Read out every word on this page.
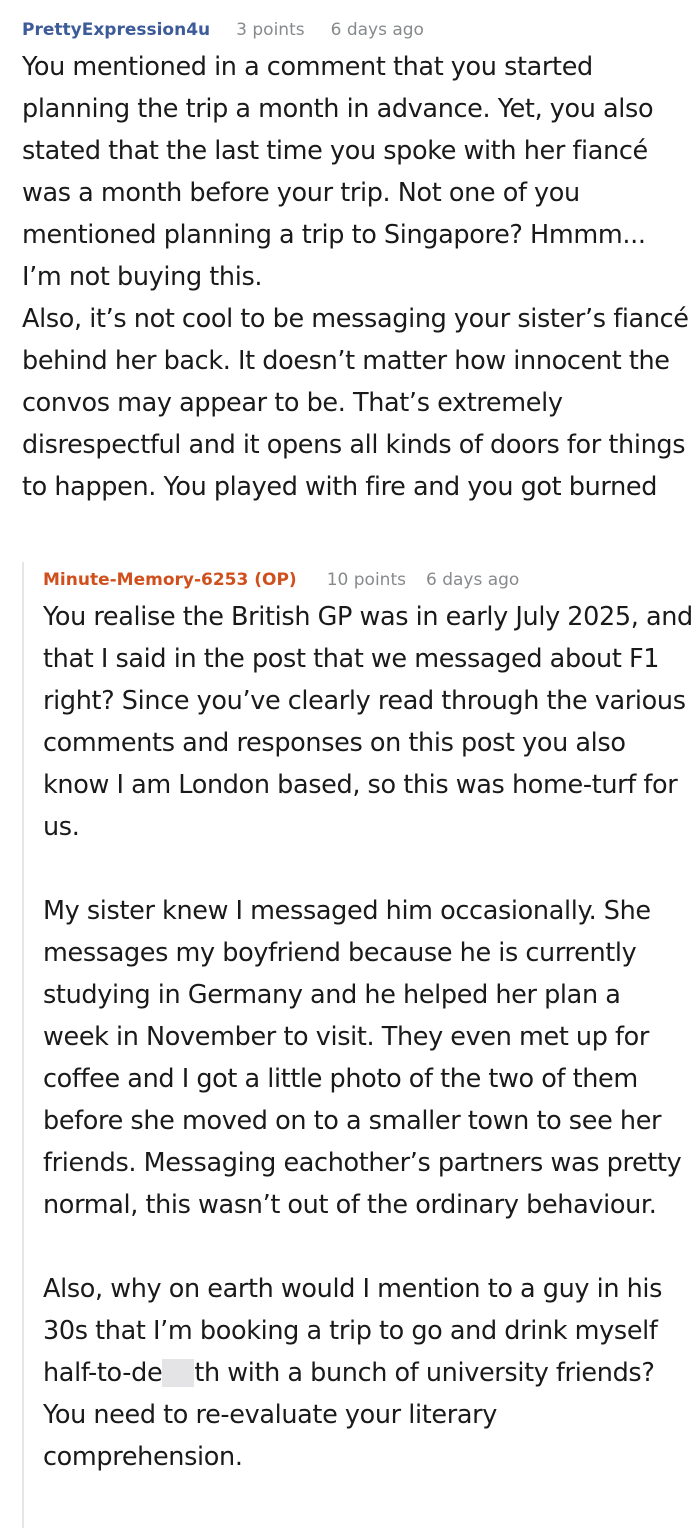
PrettyExpression4u 3 points 6 days ago

You mentioned in a comment that you started planning the trip a month in advance. Yet, you also stated that the last time you spoke with her fiancé was a month before your trip. Not one of you mentioned planning a trip to Singapore? Hmmm... I’m not buying this.

Also, it’s not cool to be messaging your sister’s fiancé behind her back. It doesn’t matter how innocent the convos may appear to be. That’s extremely disrespectful and it opens all kinds of doors for things to happen. You played with fire and you got burned

Minute-Memory-6253 (OP) 10 points 6 days ago

You realise the British GP was in early July 2025, and that I said in the post that we messaged about F1 right? Since you’ve clearly read through the various comments and responses on this post you also know I am London based, so this was home-turf for us.

My sister knew I messaged him occasionally. She messages my boyfriend because he is currently studying in Germany and he helped her plan a week in November to visit. They even met up for coffee and I got a little photo of the two of them before she moved on to a smaller town to see her friends. Messaging eachother’s partners was pretty normal, this wasn’t out of the ordinary behaviour.

Also, why on earth would I mention to a guy in his 30s that I’m booking a trip to go and drink myself half-to-de th with a bunch of university friends? You need to re-evaluate your literary comprehension.
